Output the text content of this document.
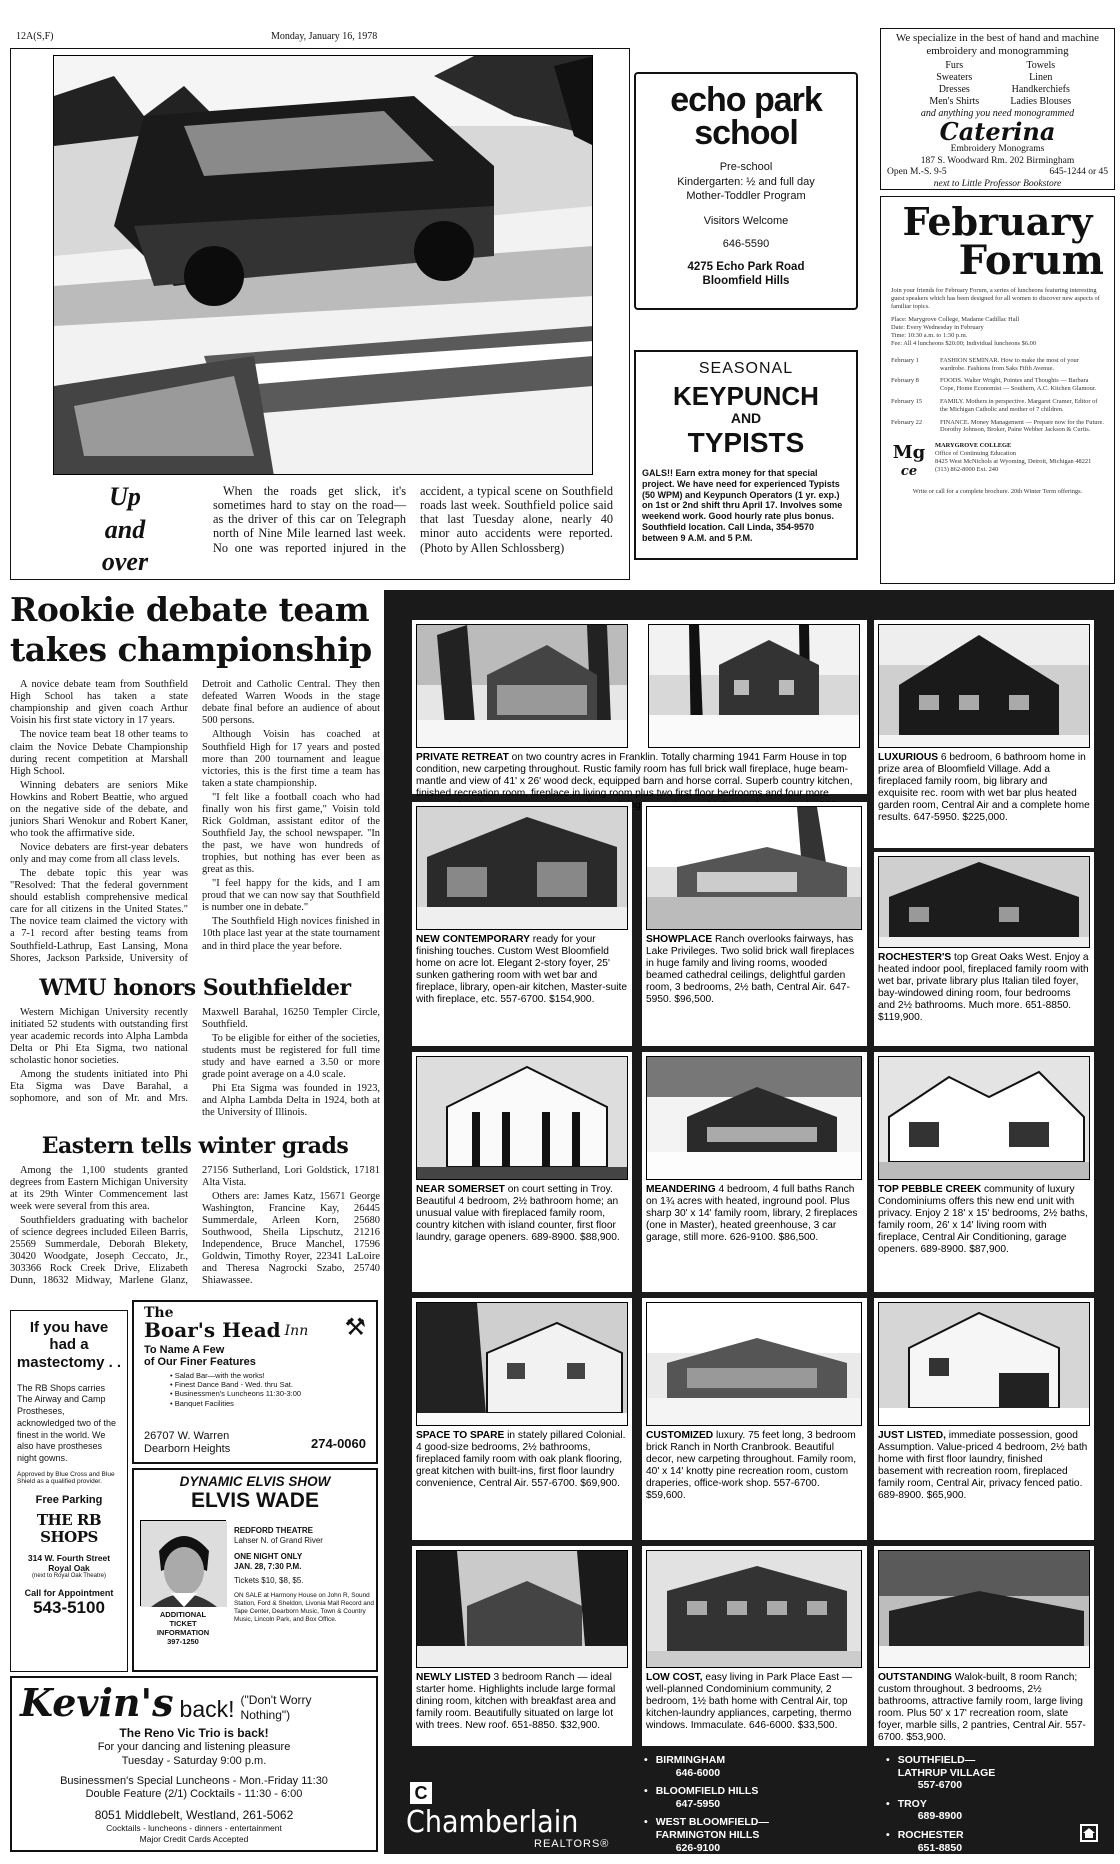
12A(S,F)	Monday, January 16, 1978
Up
and
over

When the roads get slick, it's sometimes hard to stay on the road—as the driver of this car on Telegraph north of Nine Mile learned last week. No one was reported injured in the accident, a typical scene on Southfield roads last week. Southfield police said that last Tuesday alone, nearly 40 minor auto accidents were reported. (Photo by Allen Schlossberg)

echo park
school
Pre-school
Kindergarten: ½ and full day
Mother-Toddler Program
Visitors Welcome
646-5590
4275 Echo Park Road
Bloomfield Hills
SEASONAL
KEYPUNCH
AND
TYPISTS
GALS!! Earn extra money for that special project. We have need for experienced Typists (50 WPM) and Keypunch Operators (1 yr. exp.) on 1st or 2nd shift thru April 17. Involves some weekend work. Good hourly rate plus bonus. Southfield location. Call Linda, 354-9570 between 9 A.M. and 5 P.M.
We specialize in the best of hand and machine embroidery and monogramming
Furs	Towels
Sweaters	Linen
Dresses	Handkerchiefs
Men's Shirts	Ladies Blouses
and anything you need monogrammed
Caterina
Embroidery Monograms
187 S. Woodward Rm. 202 Birmingham
Open M.-S. 9-5	645-1244 or 45
next to Little Professor Bookstore
February
Forum
Join your friends for February Forum, a series of luncheons featuring interesting guest speakers which has been designed for all women to discover new aspects of familiar topics.
Place: Marygrove College, Madame Cadillac Hall
Date: Every Wednesday in February
Time: 10:30 a.m. to 1:30 p.m.
Fee: All 4 luncheons $20.00; Individual luncheons $6.00
February 1	FASHION SEMINAR. How to make the most of your wardrobe. Fashions from Saks Fifth Avenue.
February 8	FOODS. Walter Wright, Pointes and Thoughts — Barbara Cope, Home Economist — Southern, A.C. Kitchen Glamour.
February 15	FAMILY. Mothers in perspective. Margaret Cramer, Editor of the Michigan Catholic and mother of 7 children.
February 22	FINANCE. Money Management — Prepare now for the Future. Dorothy Johnson, Broker, Paine Webber Jackson & Curtis.
Mg
ce
MARYGROVE COLLEGE
Office of Continuing Education
8425 West McNichols at Wyoming, Detroit, Michigan 48221
(313) 862-8000 Ext. 240
Write or call for a complete brochure. 20th Winter Term offerings.
Rookie debate team takes championship

A novice debate team from Southfield High School has taken a state championship and given coach Arthur Voisin his first state victory in 17 years.

The novice team beat 18 other teams to claim the Novice Debate Championship during recent competition at Marshall High School.

Winning debaters are seniors Mike Howkins and Robert Beattie, who argued on the negative side of the debate, and juniors Shari Wenokur and Robert Kaner, who took the affirmative side.

Novice debaters are first-year debaters only and may come from all class levels.

The debate topic this year was "Resolved: That the federal government should establish comprehensive medical care for all citizens in the United States." The novice team claimed the victory with a 7-1 record after besting teams from Southfield-Lathrup, East Lansing, Mona Shores, Jackson Parkside, University of Detroit and Catholic Central. They then defeated Warren Woods in the stage debate final before an audience of about 500 persons.

Although Voisin has coached at Southfield High for 17 years and posted more than 200 tournament and league victories, this is the first time a team has taken a state championship.

"I felt like a football coach who had finally won his first game," Voisin told Rick Goldman, assistant editor of the Southfield Jay, the school newspaper. "In the past, we have won hundreds of trophies, but nothing has ever been as great as this.

"I feel happy for the kids, and I am proud that we can now say that Southfield is number one in debate."

The Southfield High novices finished in 10th place last year at the state tournament and in third place the year before.

WMU honors Southfielder

Western Michigan University recently initiated 52 students with outstanding first year academic records into Alpha Lambda Delta or Phi Eta Sigma, two national scholastic honor societies.

Among the students initiated into Phi Eta Sigma was Dave Barahal, a sophomore, and son of Mr. and Mrs. Maxwell Barahal, 16250 Templer Circle, Southfield.

To be eligible for either of the societies, students must be registered for full time study and have earned a 3.50 or more grade point average on a 4.0 scale.

Phi Eta Sigma was founded in 1923, and Alpha Lambda Delta in 1924, both at the University of Illinois.

Eastern tells winter grads

Among the 1,100 students granted degrees from Eastern Michigan University at its 29th Winter Commencement last week were several from this area.

Southfielders graduating with bachelor of science degrees included Eileen Barris, 25569 Summerdale, Deborah Blekety, 30420 Woodgate, Joseph Ceccato, Jr., 303366 Rock Creek Drive, Elizabeth Dunn, 18632 Midway, Marlene Glanz, 27156 Sutherland, Lori Goldstick, 17181 Alta Vista.

Others are: James Katz, 15671 George Washington, Francine Kay, 26445 Summerdale, Arleen Korn, 25680 Southwood, Sheila Lipschutz, 21216 Independence, Bruce Manchel, 17596 Goldwin, Timothy Royer, 22341 LaLoire and Theresa Nagrocki Szabo, 25740 Shiawassee.

If you have
had a
mastectomy . .
The RB Shops carries The Airway and Camp Prostheses, acknowledged two of the finest in the world. We also have prostheses night gowns.
Approved by Blue Cross and Blue Shield as a qualified provider.
Free Parking
THE RB SHOPS
314 W. Fourth Street
Royal Oak
(next to Royal Oak Theatre)
Call for Appointment
543-5100
The
Boar's Head Inn ⚒
To Name A Few
of Our Finer Features
• Salad Bar—with the works!
• Finest Dance Band - Wed. thru Sat.
• Businessmen's Luncheons 11:30-3:00
• Banquet Facilities
26707 W. Warren
Dearborn Heights	274-0060
DYNAMIC ELVIS SHOW
ELVIS WADE
ADDITIONAL
TICKET
INFORMATION
397-1250
REDFORD THEATRE
Lahser N. of Grand River
ONE NIGHT ONLY
JAN. 28, 7:30 P.M.
Tickets $10, $8, $5.
ON SALE at Harmony House on John R, Sound Station, Ford & Sheldon, Livonia Mall Record and Tape Center, Dearborn Music, Town & Country Music, Lincoln Park, and Box Office.
Kevin's back! ("Don't Worry Nothing")
The Reno Vic Trio is back!
For your dancing and listening pleasure
Tuesday - Saturday 9:00 p.m.
Businessmen's Special Luncheons - Mon.-Friday 11:30
Double Feature (2/1) Cocktails - 11:30 - 6:00
8051 Middlebelt, Westland, 261-5062
Cocktails - luncheons - dinners - entertainment
Major Credit Cards Accepted
PRIVATE RETREAT on two country acres in Franklin. Totally charming 1941 Farm House in top condition, new carpeting throughout. Rustic family room has full brick wall fireplace, huge beam-mantle and view of 41' x 26' wood deck, equipped barn and horse corral. Superb country kitchen, finished recreation room, fireplace in living room plus two first floor bedrooms and four more
LUXURIOUS 6 bedroom, 6 bathroom home in prize area of Bloomfield Village. Add a fireplaced family room, big library and exquisite rec. room with wet bar plus heated garden room, Central Air and a complete home results. 647-5950. $225,000.
NEW CONTEMPORARY ready for your finishing touches. Custom West Bloomfield home on acre lot. Elegant 2-story foyer, 25' sunken gathering room with wet bar and fireplace, library, open-air kitchen, Master-suite with fireplace, etc. 557-6700. $154,900.
SHOWPLACE Ranch overlooks fairways, has Lake Privileges. Two solid brick wall fireplaces in huge family and living rooms, wooded beamed cathedral ceilings, delightful garden room, 3 bedrooms, 2½ bath, Central Air. 647-5950. $96,500.
ROCHESTER'S top Great Oaks West. Enjoy a heated indoor pool, fireplaced family room with wet bar, private library plus Italian tiled foyer, bay-windowed dining room, four bedrooms and 2½ bathrooms. Much more. 651-8850. $119,900.
NEAR SOMERSET on court setting in Troy. Beautiful 4 bedroom, 2½ bathroom home; an unusual value with fireplaced family room, country kitchen with island counter, first floor laundry, garage openers. 689-8900. $88,900.
MEANDERING 4 bedroom, 4 full baths Ranch on 1¾ acres with heated, inground pool. Plus sharp 30' x 14' family room, library, 2 fireplaces (one in Master), heated greenhouse, 3 car garage, still more. 626-9100. $86,500.
TOP PEBBLE CREEK community of luxury Condominiums offers this new end unit with privacy. Enjoy 2 18' x 15' bedrooms, 2½ baths, family room, 26' x 14' living room with fireplace, Central Air Conditioning, garage openers. 689-8900. $87,900.
SPACE TO SPARE in stately pillared Colonial. 4 good-size bedrooms, 2½ bathrooms, fireplaced family room with oak plank flooring, great kitchen with built-ins, first floor laundry convenience, Central Air. 557-6700. $69,900.
CUSTOMIZED luxury. 75 feet long, 3 bedroom brick Ranch in North Cranbrook. Beautiful decor, new carpeting throughout. Family room, 40' x 14' knotty pine recreation room, custom draperies, office-work shop. 557-6700. $59,600.
JUST LISTED, immediate possession, good Assumption. Value-priced 4 bedroom, 2½ bath home with first floor laundry, finished basement with recreation room, fireplaced family room, Central Air, privacy fenced patio. 689-8900. $65,900.
NEWLY LISTED 3 bedroom Ranch — ideal starter home. Highlights include large formal dining room, kitchen with breakfast area and family room. Beautifully situated on large lot with trees. New roof. 651-8850. $32,900.
LOW COST, easy living in Park Place East — well-planned Condominium community, 2 bedroom, 1½ bath home with Central Air, top kitchen-laundry appliances, carpeting, thermo windows. Immaculate. 646-6000. $33,500.
OUTSTANDING Walok-built, 8 room Ranch; custom throughout. 3 bedrooms, 2½ bathrooms, attractive family room, large living room. Plus 50' x 17' recreation room, slate foyer, marble sills, 2 pantries, Central Air. 557-6700. $53,900.
C
Chamberlain
REALTORS®
• BIRMINGHAM
646-6000
• BLOOMFIELD HILLS
647-5950
• WEST BLOOMFIELD— FARMINGTON HILLS
626-9100
• SOUTHFIELD— LATHRUP VILLAGE
557-6700
• TROY
689-8900
• ROCHESTER
651-8850
